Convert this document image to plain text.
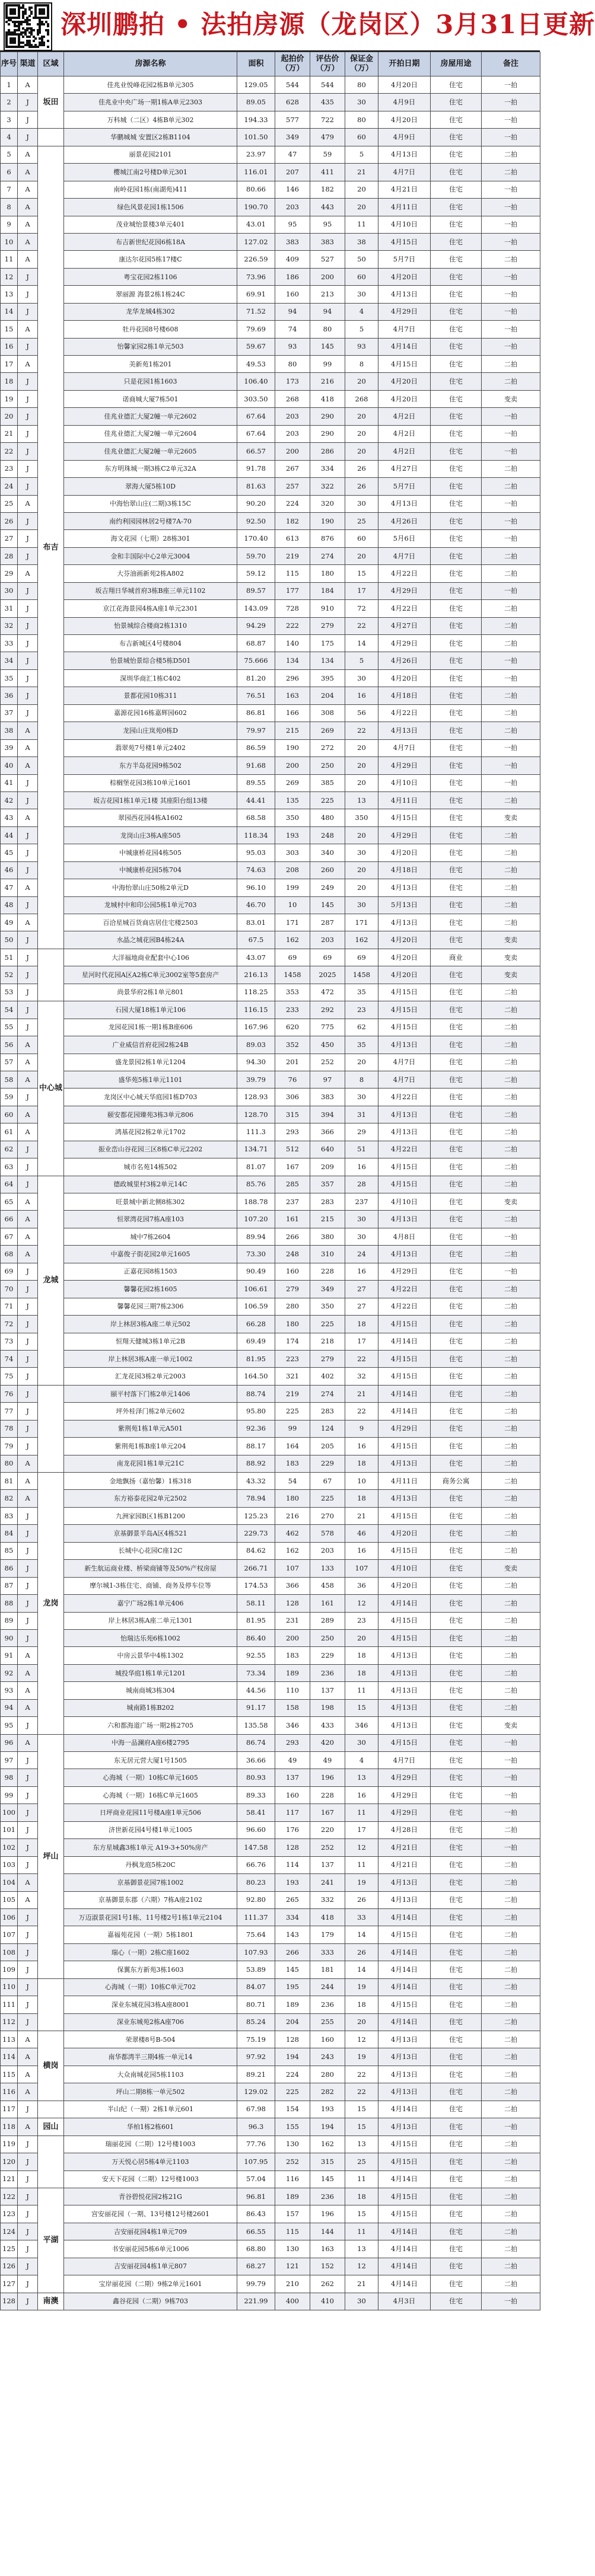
深圳鹏拍 • 法拍房源（龙岗区）3月31日更新
序号	渠道	区域	房源名称	面积	起拍价（万）	评估价（万）	保证金（万）	开拍日期	房屋用途	备注
1	A	坂田	佳兆业悦峰花园2栋B单元305	129.05	544	544	80	4月20日	住宅	一拍
2	J		佳兆业中央广场一期1栋A单元2303	89.05	628	435	30	4月9日	住宅	一拍
3	J		万科城（二区）4栋B单元302	194.33	577	722	80	4月20日	住宅	一拍
4	J		华鹏城城 安置区2栋B1104	101.50	349	479	60	4月9日	住宅	一拍
5	A	布吉	丽景花园2101	23.97	47	59	5	4月13日	住宅	二拍
6	A		樱城江南2号楼D单元301	116.01	207	411	21	4月7日	住宅	二拍
7	A		南岭花园1栋(南湖苑)411	80.66	146	182	20	4月21日	住宅	一拍
8	A		绿色风景花园1栋1506	190.70	203	443	20	4月11日	住宅	一拍
9	A		茂业城怡景楼3单元401	43.01	95	95	11	4月10日	住宅	一拍
10	A		布吉新世纪花园6栋18A	127.02	383	383	38	4月15日	住宅	一拍
11	A		康达尔花园5栋17楼C	226.59	409	527	50	5月7日	住宅	二拍
12	J		粤宝花园2栋1106	73.96	186	200	60	4月20日	住宅	一拍
13	J		翠丽源 海景2栋1栋24C	69.91	160	213	30	4月13日	住宅	一拍
14	J		龙华龙城4栋302	71.52	94	94	4	4月29日	住宅	一拍
15	A		牡丹花园8号楼608	79.69	74	80	5	4月7日	住宅	一拍
16	J		怡馨家园2栋1单元503	59.67	93	145	93	4月14日	住宅	一拍
17	A		美新苑1栋201	49.53	80	99	8	4月15日	住宅	二拍
18	J		只是花园1栋1603	106.40	173	216	20	4月20日	住宅	二拍
19	J		诺商城大厦7栋501	303.50	268	418	268	4月20日	住宅	变卖
20	J		佳兆业德汇大厦2幢一单元2602	67.64	203	290	20	4月2日	住宅	一拍
21	J		佳兆业德汇大厦2幢一单元2604	67.64	203	290	20	4月2日	住宅	一拍
22	J		佳兆业德汇大厦2幢一单元2605	66.57	200	286	20	4月2日	住宅	一拍
23	J		东方明珠城一期3栋C2单元32A	91.78	267	334	26	4月27日	住宅	二拍
24	J		翠海大厦5栋10D	81.63	257	322	26	5月7日	住宅	二拍
25	A		中海怡翠山庄(二期)3栋15C	90.20	224	320	30	4月13日	住宅	一拍
26	J		南约利园园林居2号楼7A-70	92.50	182	190	25	4月26日	住宅	一拍
27	J		海文花园（七期）28栋301	170.40	613	876	60	5月6日	住宅	一拍
28	J		金和丰国际中心2单元3004	59.70	219	274	20	4月7日	住宅	二拍
29	A		大芬油画新苑2栋A802	59.12	115	180	15	4月22日	住宅	二拍
30	J		坂吉翔日华城首府3栋B座三单元1102	89.57	177	184	17	4月29日	住宅	一拍
31	J		京江花海景园4栋A座1单元2301	143.09	728	910	72	4月22日	住宅	二拍
32	J		怡景城综合楼商2栋1310	94.29	222	279	22	4月27日	住宅	二拍
33	J		布吉新城区4号楼804	68.87	140	175	14	4月29日	住宅	二拍
34	J		怡景城怡景综合楼5栋D501	75.666	134	134	5	4月26日	住宅	一拍
35	J		深圳华商汇1栋C402	81.20	296	395	30	4月20日	住宅	一拍
36	J		景都花园10栋311	76.51	163	204	16	4月18日	住宅	二拍
37	J		嘉源花园16栋嘉辉园602	86.81	166	308	56	4月22日	住宅	二拍
38	A		龙园山庄岚苑0栋D	79.97	215	269	22	4月13日	住宅	二拍
39	A		翡翠苑7号楼1单元2402	86.59	190	272	20	4月7日	住宅	一拍
40	A		东方半岛花园9栋502	91.68	200	250	20	4月29日	住宅	一拍
41	J		棕榈堡花园3栋10单元1601	89.55	269	385	20	4月10日	住宅	一拍
42	J		坂吉花园1栋1单元1楼 其座阳台组13楼	44.41	135	225	13	4月11日	住宅	二拍
43	A		翠园西花园4栋A1602	68.58	350	480	350	4月15日	住宅	变卖
44	J		龙岗山庄3栋A座505	118.34	193	248	20	4月29日	住宅	二拍
45	J		中城康桥花园4栋505	95.03	303	340	30	4月20日	住宅	二拍
46	J		中城康桥花园5栋704	74.63	208	260	20	4月18日	住宅	二拍
47	A		中海怡翠山庄50栋2单元D	96.10	199	249	20	4月13日	住宅	二拍
48	J		龙城村中和印公园5栋1单元703	46.70	10	145	30	5月13日	住宅	二拍
49	A		百洽星城百货商店居住宅楼2503	83.01	171	287	171	4月13日	住宅	二拍
50	J		水晶之城花园B4栋24A	67.5	162	203	162	4月20日	住宅	变卖
51	J		大洋福地商业配套中心106	43.07	69	69	69	4月20日	商业	变卖
52	J		星河时代花园A区A2栋C单元3002室等5套房产	216.13	1458	2025	1458	4月20日	住宅	变卖
53	J		尚景华府2栋1单元801	118.25	353	472	35	4月15日	住宅	二拍
54	J	中心城	石园大厦18栋1单元106	116.15	233	292	23	4月15日	住宅	二拍
55	J		龙园花园1栋一期1栋B座606	167.96	620	775	62	4月15日	住宅	二拍
56	A		广业威信首府花园2栋24B	89.03	352	450	35	4月13日	住宅	二拍
57	A		盛龙景园2栋1单元1204	94.30	201	252	20	4月7日	住宅	二拍
58	A		盛华苑5栋1单元1101	39.79	76	97	8	4月7日	住宅	二拍
59	J		龙岗区中心城天华庭园1栋D703	128.93	306	383	30	4月22日	住宅	二拍
60	A		颐安都花园臻苑3栋3单元806	128.70	315	394	31	4月13日	住宅	二拍
61	A		鸿基花园2栋2单元1702	111.3	293	366	29	4月13日	住宅	二拍
62	J		振业峦山谷花园三区8栋C单元2202	134.71	512	640	51	4月22日	住宅	二拍
63	J		城市名苑14栋502	81.07	167	209	16	4月15日	住宅	二拍
64	J	龙城	德政城里村3栋2单元14C	85.76	285	357	28	4月15日	住宅	二拍
65	A		旺景城中新北侧8栋302	188.78	237	283	237	4月10日	住宅	变卖
66	A		恒翠湾花园7栋A座103	107.20	161	215	30	4月13日	住宅	二拍
67	A		城中7栋2604	89.94	266	380	30	4月8日	住宅	一拍
68	A		中嘉俊子街花园2单元1605	73.30	248	310	24	4月13日	住宅	二拍
69	J		正嘉花园8栋1503	90.49	160	228	16	4月29日	住宅	一拍
70	J		馨馨花园2栋1605	106.61	279	349	27	4月22日	住宅	二拍
71	J		馨馨花园三期7栋2306	106.59	280	350	27	4月22日	住宅	二拍
72	J		岸上林居3栋A座二单元502	66.28	180	225	18	4月15日	住宅	二拍
73	J		恒翔天健城3栋1单元2B	69.49	174	218	17	4月14日	住宅	二拍
74	J		岸上林居3栋A座一单元1002	81.95	223	279	22	4月15日	住宅	二拍
75	J		汇龙花园3栋2单元2003	164.50	321	402	32	4月15日	住宅	二拍
76	J		颐平村落下门栋2单元1406	88.74	219	274	21	4月14日	住宅	二拍
77	J		坪外桂泽门栋2单元602	95.80	225	283	22	4月14日	住宅	二拍
78	J		紫荆苑1栋1单元A501	92.36	99	124	9	4月29日	住宅	二拍
79	J		紫荆苑1栋B座1单元204	88.17	164	205	16	4月15日	住宅	二拍
80	A		南龙花园1栋1单元21C	88.92	183	229	18	4月13日	住宅	二拍
81	A	龙岗	金地飘扬（嘉怡馨）1栋318	43.32	54	67	10	4月11日	商务公寓	二拍
82	A		东方裕泰花园2单元2502	78.94	180	225	18	4月13日	住宅	二拍
83	J		九洲家园B区1栋B1200	125.23	216	270	21	4月15日	住宅	二拍
84	J		京基御景半岛A区4栋521	229.73	462	578	46	4月20日	住宅	二拍
85	J		长城中心花园C座12C	84.62	162	203	16	4月15日	住宅	二拍
86	J		新生航运商业楼、桥梁商铺等及50%产权房屋	266.71	107	133	107	4月10日	住宅	变卖
87	J		摩尔城1-3栋住宅、商铺、商务及停车位等	174.53	366	458	36	4月20日	住宅	二拍
88	J		嘉宁广场2栋1单元406	58.11	128	161	12	4月14日	住宅	二拍
89	J		岸上林居3栋A座二单元1301	81.95	231	289	23	4月15日	住宅	二拍
90	J		怡瑞达乐苑6栋1002	86.40	200	250	20	4月15日	住宅	二拍
91	A		中房云景华中4栋1302	92.55	183	229	18	4月13日	住宅	二拍
92	A		城投华庭1栋1单元1201	73.34	189	236	18	4月13日	住宅	二拍
93	A		城南商城3栋304	44.56	110	137	11	4月13日	住宅	二拍
94	A		城南路1栋B202	91.17	158	198	15	4月13日	住宅	二拍
95	J		六和都海道广场一期2栋2705	135.58	346	433	346	4月13日	住宅	变卖
96	A	坪山	中海一品澜府A座6楼2795	86.74	293	420	30	4月15日	住宅	一拍
97	J		东无居元营大厦1号1505	36.66	49	49	4	4月7日	住宅	一拍
98	J		心海城（一期）10栋C单元1605	80.93	137	196	13	4月29日	住宅	一拍
99	J		心海城（一期）16栋C单元1605	89.33	160	228	16	4月29日	住宅	一拍
100	J		日坪商业花园11号楼A座1单元506	58.41	117	167	11	4月29日	住宅	一拍
101	J		济世新花园4号楼1单元1005	96.60	176	220	17	4月28日	住宅	二拍
102	J		东方星城鑫3栋1单元 A19-3+50%房产	147.58	128	252	12	4月21日	住宅	一拍
103	J		丹枫龙庭5栋20C	66.76	114	137	11	4月21日	住宅	二拍
104	A		京基御景花园7栋1002	80.23	193	241	19	4月13日	住宅	二拍
105	A		京基御景东郡（六期）7栋A座2102	92.80	265	332	26	4月13日	住宅	二拍
106	J		万迈淑景花园1号1栋、11号楼2号1栋1单元2104	111.37	334	418	33	4月14日	住宅	二拍
107	J		嘉福苑花园（一期）5栋1801	75.64	143	179	14	4月15日	住宅	二拍
108	J		瑞心（一期）2栋C座1602	107.93	266	333	26	4月14日	住宅	二拍
109	J		保翼东方新苑3栋1603	53.89	145	181	14	4月14日	住宅	二拍
110	J		心海城（一期）10栋C单元702	84.07	195	244	19	4月14日	住宅	二拍
111	J		深业东城花园3栋A座8001	80.71	189	236	18	4月15日	住宅	二拍
112	J		深业东城苑2栋A座706	85.24	204	255	20	4月14日	住宅	二拍
113	A	横岗	荣翠楼8号B-504	75.19	128	160	12	4月13日	住宅	二拍
114	A		南华都湾半三期4栋一单元14	97.92	194	243	19	4月13日	住宅	二拍
115	A		大众南城花园5栋1103	89.21	224	280	22	4月13日	住宅	二拍
116	A		坪山二期8栋一单元502	129.02	225	282	22	4月13日	住宅	二拍
117	J		半山纪（一期）2栋1单元601	67.98	154	193	15	4月14日	住宅	二拍
118	A	园山	华柏1栋2栋601	96.3	155	194	15	4月13日	住宅	一拍
119	J		瑞丽花园（二期）12号楼1003	77.76	130	162	13	4月15日	住宅	二拍
120	J		万天悦心居5栋4单元1103	107.95	252	315	25	4月15日	住宅	二拍
121	J		安天下花园（二期）12号楼1003	57.04	116	145	11	4月14日	住宅	二拍
122	J	平湖	青谷碧悦花园2栋21G	96.81	189	236	18	4月15日	住宅	二拍
123	J		宫安丽花园（一期、13号楼12号楼2601	86.43	157	196	15	4月15日	住宅	二拍
124	J		吉安丽花园4栋1单元709	66.55	115	144	11	4月14日	住宅	二拍
125	J		书安丽花园5栋6单元1006	68.80	130	163	13	4月14日	住宅	二拍
126	J		吉安丽花园4栋1单元807	68.27	121	152	12	4月14日	住宅	二拍
127	J		宝岸丽花园（二期）9栋2单元1601	99.79	210	262	21	4月14日	住宅	二拍
128	J	南澳	鑫谷花园（二期）9栋703	221.99	400	410	30	4月3日	住宅	一拍
